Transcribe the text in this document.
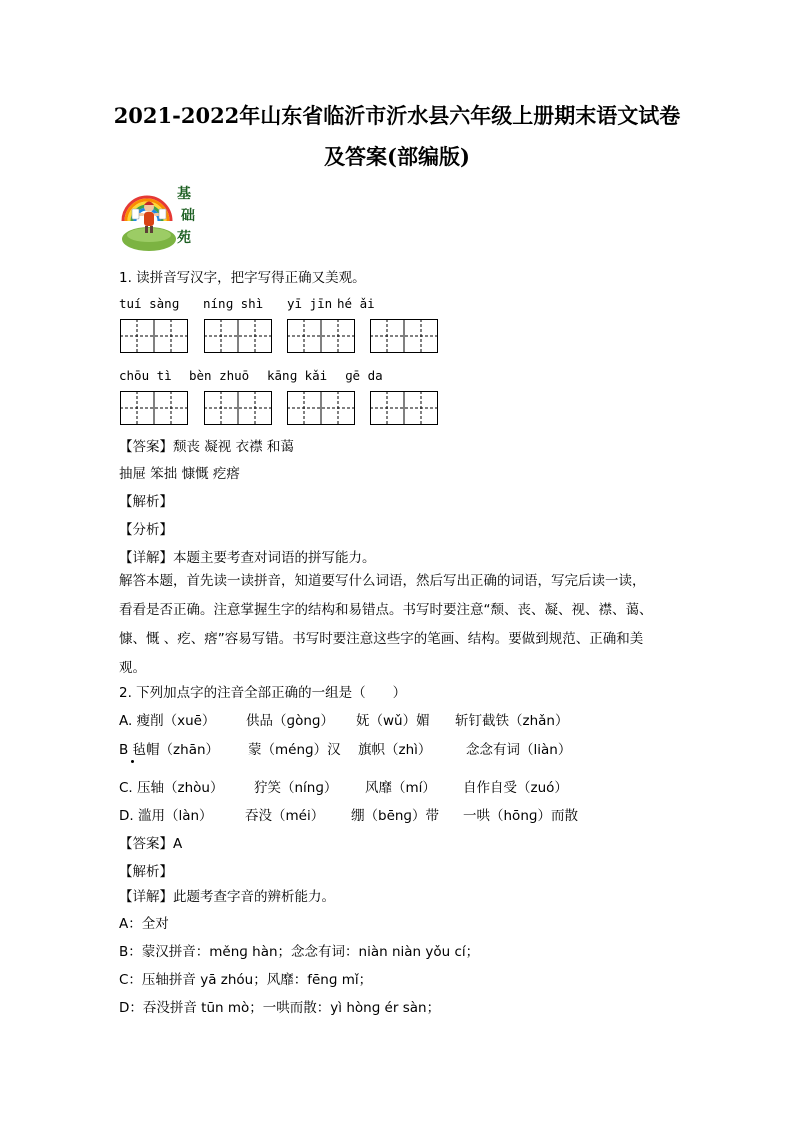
2021-2022年山东省临沂市沂水县六年级上册期末语文试卷
及答案(部编版)
基
础
苑
1. 读拼音写汉字，把字写得正确又美观。
tuí sànɡ nínɡ shì yī jīn hé ǎi
chōu tì bèn zhuō kānɡ kǎi ɡē da
【答案】颓丧 凝视 衣襟 和蔼
抽屉 笨拙 慷慨 疙瘩
【解析】
【分析】
【详解】本题主要考查对词语的拼写能力。
解答本题，首先读一读拼音，知道要写什么词语，然后写出正确的词语，写完后读一读，
看看是否正确。注意掌握生字的结构和易错点。书写时要注意“颓、丧、凝、视、襟、蔼、
慷、慨 、疙、瘩”容易写错。书写时要注意这些字的笔画、结构。要做到规范、正确和美
观。
2. 下列加点字的注音全部正确的一组是（　　）
A. 瘦削（xuē） 供品（ɡònɡ） 妩（wǔ）媚 斩钉截铁（zhǎn）
B 毡帽（zhān） 蒙（ménɡ）汉 旗帜（zhì）	念念有词（liàn）
C. 压轴（zhòu） 狞笑（nínɡ） 风靡（mí） 自作自受（zuó）
D. 滥用（làn） 吞没（méi） 绷（bēnɡ）带 一哄（hōnɡ）而散
【答案】A
【解析】
【详解】此题考查字音的辨析能力。
A：全对
B：蒙汉拼音：měnɡ hàn；念念有词：niàn niàn yǒu cí；
C：压轴拼音 yā zhóu；风靡：fēnɡ mǐ；
D：吞没拼音 tūn mò；一哄而散：yì hònɡ ér sàn；
